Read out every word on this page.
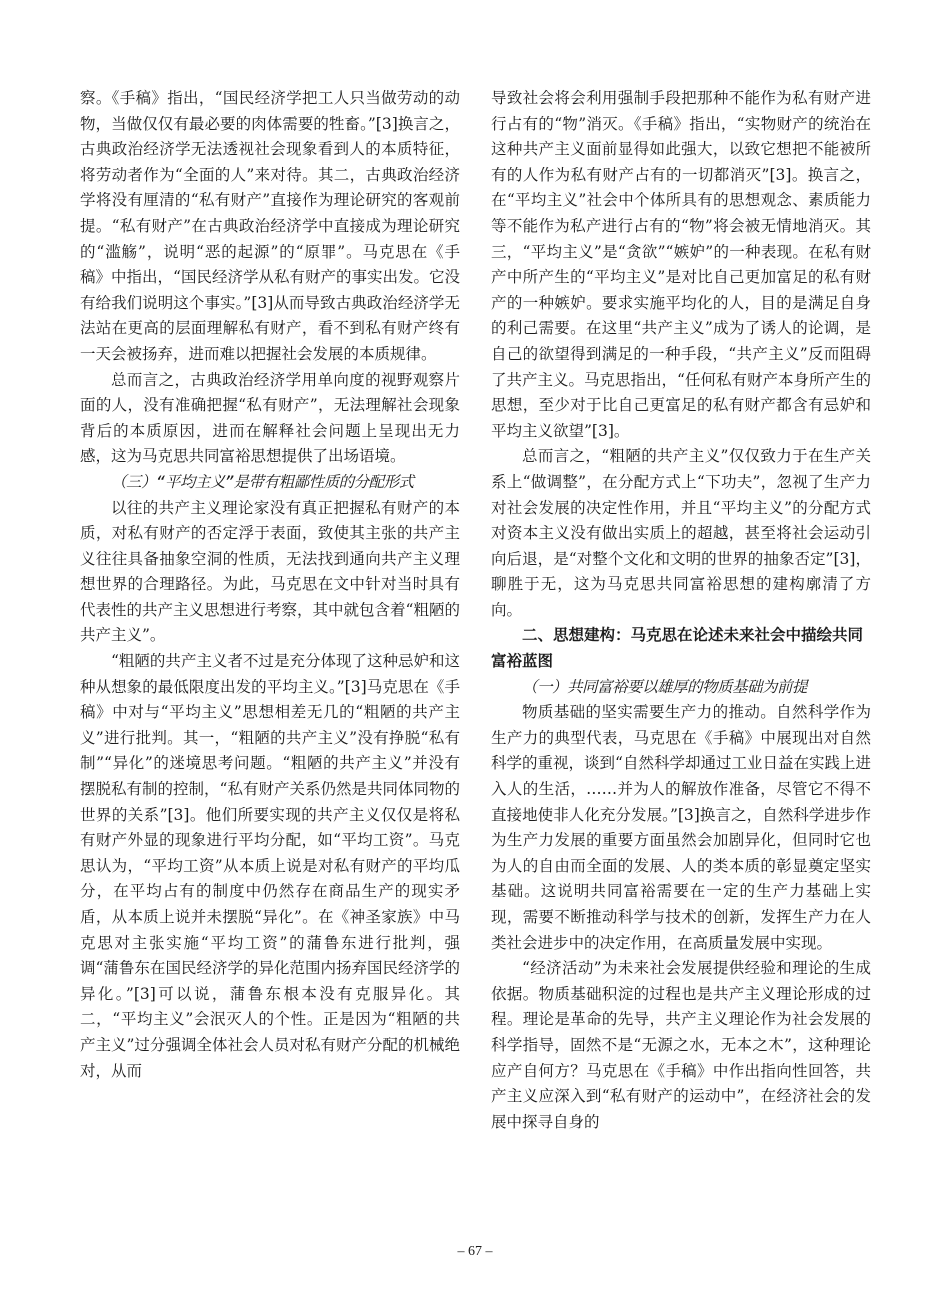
察。《手稿》指出，“国民经济学把工人只当做劳动的动物，当做仅仅有最必要的肉体需要的牲畜。”[3]换言之，古典政治经济学无法透视社会现象看到人的本质特征，将劳动者作为“全面的人”来对待。其二，古典政治经济学将没有厘清的“私有财产”直接作为理论研究的客观前提。“私有财产”在古典政治经济学中直接成为理论研究的“滥觞”，说明“恶的起源”的“原罪”。马克思在《手稿》中指出，“国民经济学从私有财产的事实出发。它没有给我们说明这个事实。”[3]从而导致古典政治经济学无法站在更高的层面理解私有财产，看不到私有财产终有一天会被扬弃，进而难以把握社会发展的本质规律。

总而言之，古典政治经济学用单向度的视野观察片面的人，没有准确把握“私有财产”，无法理解社会现象背后的本质原因，进而在解释社会问题上呈现出无力感，这为马克思共同富裕思想提供了出场语境。

（三）“平均主义”是带有粗鄙性质的分配形式

以往的共产主义理论家没有真正把握私有财产的本质，对私有财产的否定浮于表面，致使其主张的共产主义往往具备抽象空洞的性质，无法找到通向共产主义理想世界的合理路径。为此，马克思在文中针对当时具有代表性的共产主义思想进行考察，其中就包含着“粗陋的共产主义”。

“粗陋的共产主义者不过是充分体现了这种忌妒和这种从想象的最低限度出发的平均主义。”[3]马克思在《手稿》中对与“平均主义”思想相差无几的“粗陋的共产主义”进行批判。其一，“粗陋的共产主义”没有挣脱“私有制”“异化”的迷境思考问题。“粗陋的共产主义”并没有摆脱私有制的控制，“私有财产关系仍然是共同体同物的世界的关系”[3]。他们所要实现的共产主义仅仅是将私有财产外显的现象进行平均分配，如“平均工资”。马克思认为，“平均工资”从本质上说是对私有财产的平均瓜分，在平均占有的制度中仍然存在商品生产的现实矛盾，从本质上说并未摆脱“异化”。在《神圣家族》中马克思对主张实施“平均工资”的蒲鲁东进行批判，强调“蒲鲁东在国民经济学的异化范围内扬弃国民经济学的异化。”[3]可以说，蒲鲁东根本没有克服异化。其二，“平均主义”会泯灭人的个性。正是因为“粗陋的共产主义”过分强调全体社会人员对私有财产分配的机械绝对，从而

导致社会将会利用强制手段把那种不能作为私有财产进行占有的“物”消灭。《手稿》指出，“实物财产的统治在这种共产主义面前显得如此强大，以致它想把不能被所有的人作为私有财产占有的一切都消灭”[3]。换言之，在“平均主义”社会中个体所具有的思想观念、素质能力等不能作为私产进行占有的“物”将会被无情地消灭。其三，“平均主义”是“贪欲”“嫉妒”的一种表现。在私有财产中所产生的“平均主义”是对比自己更加富足的私有财产的一种嫉妒。要求实施平均化的人，目的是满足自身的利己需要。在这里“共产主义”成为了诱人的论调，是自己的欲望得到满足的一种手段，“共产主义”反而阻碍了共产主义。马克思指出，“任何私有财产本身所产生的思想，至少对于比自己更富足的私有财产都含有忌妒和平均主义欲望”[3]。

总而言之，“粗陋的共产主义”仅仅致力于在生产关系上“做调整”，在分配方式上“下功夫”，忽视了生产力对社会发展的决定性作用，并且“平均主义”的分配方式对资本主义没有做出实质上的超越，甚至将社会运动引向后退，是“对整个文化和文明的世界的抽象否定”[3]，聊胜于无，这为马克思共同富裕思想的建构廓清了方向。

二、思想建构：马克思在论述未来社会中描绘共同富裕蓝图
（一）共同富裕要以雄厚的物质基础为前提

物质基础的坚实需要生产力的推动。自然科学作为生产力的典型代表，马克思在《手稿》中展现出对自然科学的重视，谈到“自然科学却通过工业日益在实践上进入人的生活，……并为人的解放作准备，尽管它不得不直接地使非人化充分发展。”[3]换言之，自然科学进步作为生产力发展的重要方面虽然会加剧异化，但同时它也为人的自由而全面的发展、人的类本质的彰显奠定坚实基础。这说明共同富裕需要在一定的生产力基础上实现，需要不断推动科学与技术的创新，发挥生产力在人类社会进步中的决定作用，在高质量发展中实现。

“经济活动”为未来社会发展提供经验和理论的生成依据。物质基础积淀的过程也是共产主义理论形成的过程。理论是革命的先导，共产主义理论作为社会发展的科学指导，固然不是“无源之水，无本之木”，这种理论应产自何方？马克思在《手稿》中作出指向性回答，共产主义应深入到“私有财产的运动中”，在经济社会的发展中探寻自身的

– 67 –
